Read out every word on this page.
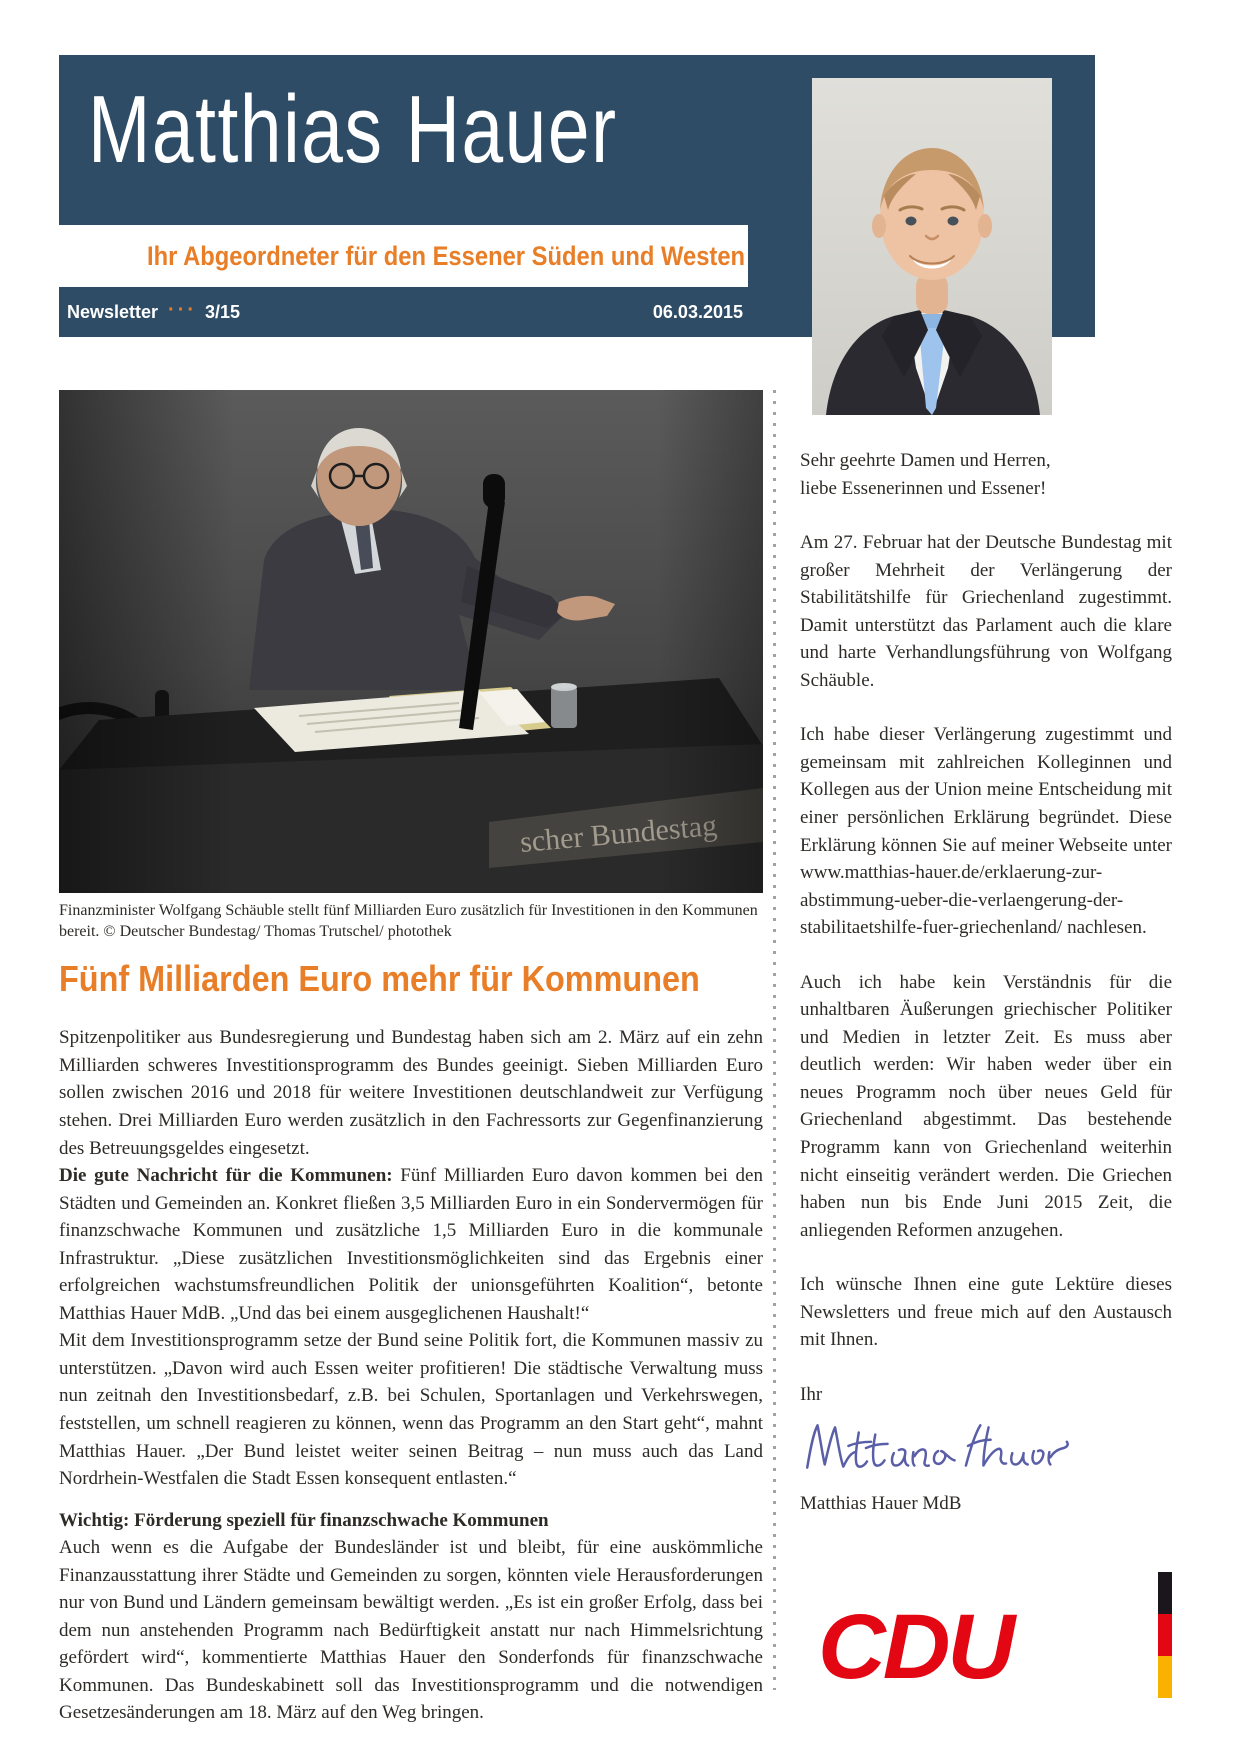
Matthias Hauer
Ihr Abgeordneter für den Essener Süden und Westen
Newsletter ··· 3/15	06.03.2015

Finanzminister Wolfgang Schäuble stellt fünf Milliarden Euro zusätzlich für Investitionen in den Kommunen bereit. © Deutscher Bundestag/ Thomas Trutschel/ photothek

Fünf Milliarden Euro mehr für Kommunen

Spitzenpolitiker aus Bundesregierung und Bundestag haben sich am 2. März auf ein zehn Milliarden schweres Investitionsprogramm des Bundes geeinigt. Sieben Milliarden Euro sollen zwischen 2016 und 2018 für weitere Investitionen deutschlandweit zur Verfügung stehen. Drei Milliarden Euro werden zusätzlich in den Fachressorts zur Gegenfinanzierung des Betreuungsgeldes eingesetzt.

Die gute Nachricht für die Kommunen: Fünf Milliarden Euro davon kommen bei den Städten und Gemeinden an. Konkret fließen 3,5 Milliarden Euro in ein Sondervermögen für finanzschwache Kommunen und zusätzliche 1,5 Milliarden Euro in die kommunale Infrastruktur. „Diese zusätzlichen Investitionsmöglichkeiten sind das Ergebnis einer erfolgreichen wachstumsfreundlichen Politik der unionsgeführten Koalition“, betonte Matthias Hauer MdB. „Und das bei einem ausgeglichenen Haushalt!“

Mit dem Investitionsprogramm setze der Bund seine Politik fort, die Kommunen massiv zu unterstützen. „Davon wird auch Essen weiter profitieren! Die städtische Verwaltung muss nun zeitnah den Investitionsbedarf, z.B. bei Schulen, Sportanlagen und Verkehrswegen, feststellen, um schnell reagieren zu können, wenn das Programm an den Start geht“, mahnt Matthias Hauer. „Der Bund leistet weiter seinen Beitrag – nun muss auch das Land Nordrhein-Westfalen die Stadt Essen konsequent entlasten.“

Wichtig: Förderung speziell für finanzschwache Kommunen

Auch wenn es die Aufgabe der Bundesländer ist und bleibt, für eine auskömmliche Finanzausstattung ihrer Städte und Gemeinden zu sorgen, könnten viele Herausforderungen nur von Bund und Ländern gemeinsam bewältigt werden. „Es ist ein großer Erfolg, dass bei dem nun anstehenden Programm nach Bedürftigkeit anstatt nur nach Himmelsrichtung gefördert wird“, kommentierte Matthias Hauer den Sonderfonds für finanzschwache Kommunen. Das Bundeskabinett soll das Investitionsprogramm und die notwendigen Gesetzesänderungen am 18. März auf den Weg bringen.

Sehr geehrte Damen und Herren,
liebe Essenerinnen und Essener!

Am 27. Februar hat der Deutsche Bundestag mit großer Mehrheit der Verlängerung der Stabilitätshilfe für Griechenland zugestimmt. Damit unterstützt das Parlament auch die klare und harte Verhandlungsführung von Wolfgang Schäuble.

Ich habe dieser Verlängerung zugestimmt und gemeinsam mit zahlreichen Kolleginnen und Kollegen aus der Union meine Entscheidung mit einer persönlichen Erklärung begründet. Diese Erklärung können Sie auf meiner Webseite unter www.matthias-hauer.de/erklaerung-zur-abstimmung-ueber-die-verlaengerung-der-stabilitaetshilfe-fuer-griechenland/ nachlesen.

Auch ich habe kein Verständnis für die unhaltbaren Äußerungen griechischer Politiker und Medien in letzter Zeit. Es muss aber deutlich werden: Wir haben weder über ein neues Programm noch über neues Geld für Griechenland abgestimmt. Das bestehende Programm kann von Griechenland weiterhin nicht einseitig verändert werden. Die Griechen haben nun bis Ende Juni 2015 Zeit, die anliegenden Reformen anzugehen.

Ich wünsche Ihnen eine gute Lektüre dieses Newsletters und freue mich auf den Austausch mit Ihnen.

Ihr

Matthias Hauer MdB

CDU
